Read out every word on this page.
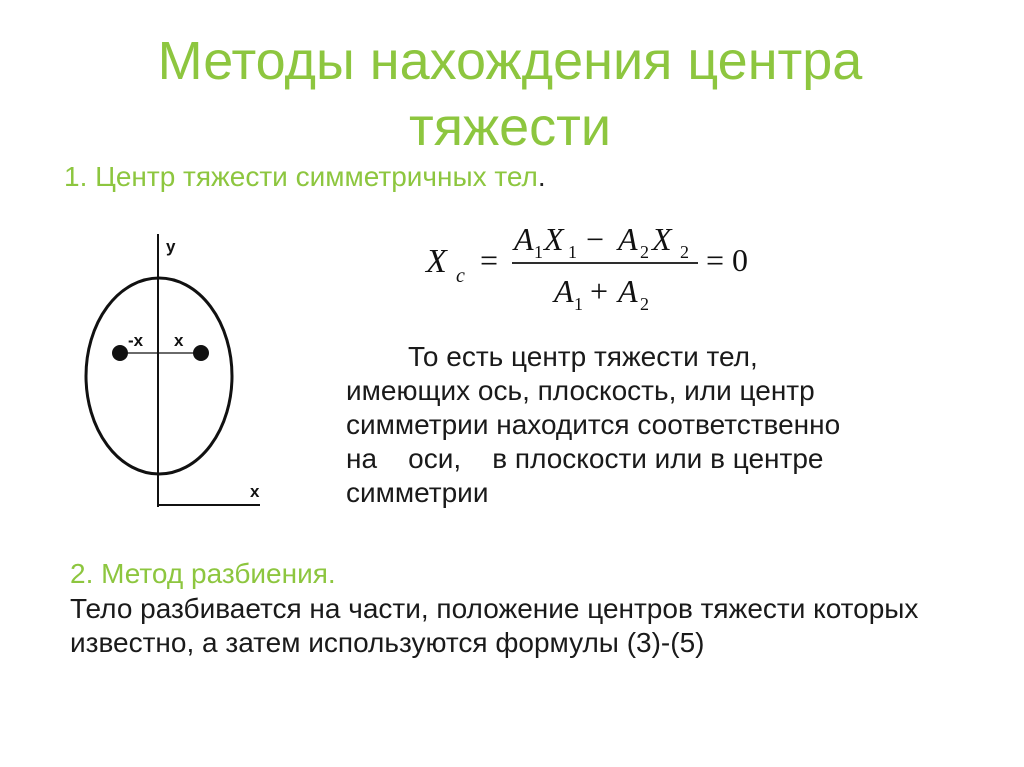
Методы нахождения центра тяжести
1. Центр тяжести симметричных тел.
y
-x x
x
X c =
A 1 X 1 − A 2 X 2
A 1 + A 2
= 0
То есть центр тяжести тел,
имеющих ось, плоскость, или центр
симметрии находится соответственно
на    оси,    в плоскости или в центре
симметрии
2. Метод разбиения.
Тело разбивается на части, положение центров тяжести которых известно, а затем используются формулы (3)-(5)
